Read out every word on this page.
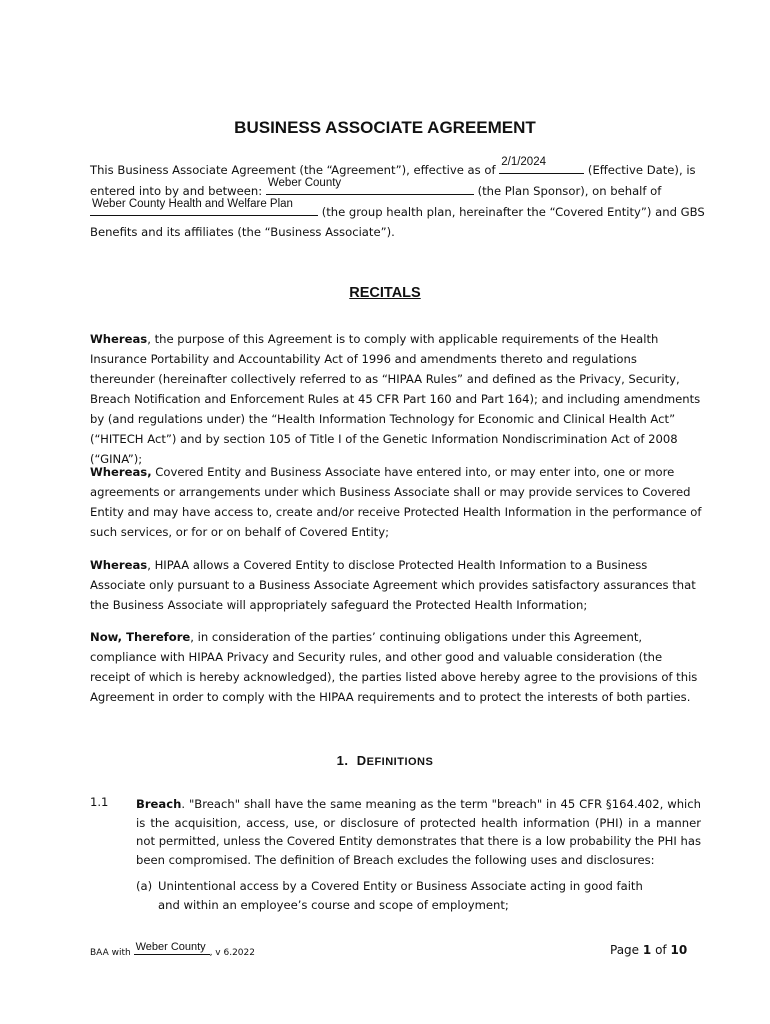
BUSINESS ASSOCIATE AGREEMENT
This Business Associate Agreement (the “Agreement”), effective as of
2/1/2024
(Effective Date), is entered into by and between:
Weber County
(the Plan Sponsor), on behalf of
Weber County Health and Welfare Plan
(the group health plan, hereinafter the “Covered Entity”) and GBS Benefits and its affiliates (the “Business Associate”).
RECITALS
Whereas, the purpose of this Agreement is to comply with applicable requirements of the Health Insurance Portability and Accountability Act of 1996 and amendments thereto and regulations thereunder (hereinafter collectively referred to as “HIPAA Rules” and defined as the Privacy, Security, Breach Notification and Enforcement Rules at 45 CFR Part 160 and Part 164); and including amendments by (and regulations under) the “Health Information Technology for Economic and Clinical Health Act” (“HITECH Act”) and by section 105 of Title I of the Genetic Information Nondiscrimination Act of 2008 (“GINA”);
Whereas, Covered Entity and Business Associate have entered into, or may enter into, one or more agreements or arrangements under which Business Associate shall or may provide services to Covered Entity and may have access to, create and/or receive Protected Health Information in the performance of such services, or for or on behalf of Covered Entity;
Whereas, HIPAA allows a Covered Entity to disclose Protected Health Information to a Business Associate only pursuant to a Business Associate Agreement which provides satisfactory assurances that the Business Associate will appropriately safeguard the Protected Health Information;
Now, Therefore, in consideration of the parties’ continuing obligations under this Agreement, compliance with HIPAA Privacy and Security rules, and other good and valuable consideration (the receipt of which is hereby acknowledged), the parties listed above hereby agree to the provisions of this Agreement in order to comply with the HIPAA requirements and to protect the interests of both parties.
1. DEFINITIONS
1.1 Breach. "Breach" shall have the same meaning as the term "breach" in 45 CFR §164.402, which is the acquisition, access, use, or disclosure of protected health information (PHI) in a manner not permitted, unless the Covered Entity demonstrates that there is a low probability the PHI has been compromised. The definition of Breach excludes the following uses and disclosures:
(a) Unintentional access by a Covered Entity or Business Associate acting in good faith and within an employee’s course and scope of employment;
BAA with Weber County , v 6.2022	Page 1 of 10
